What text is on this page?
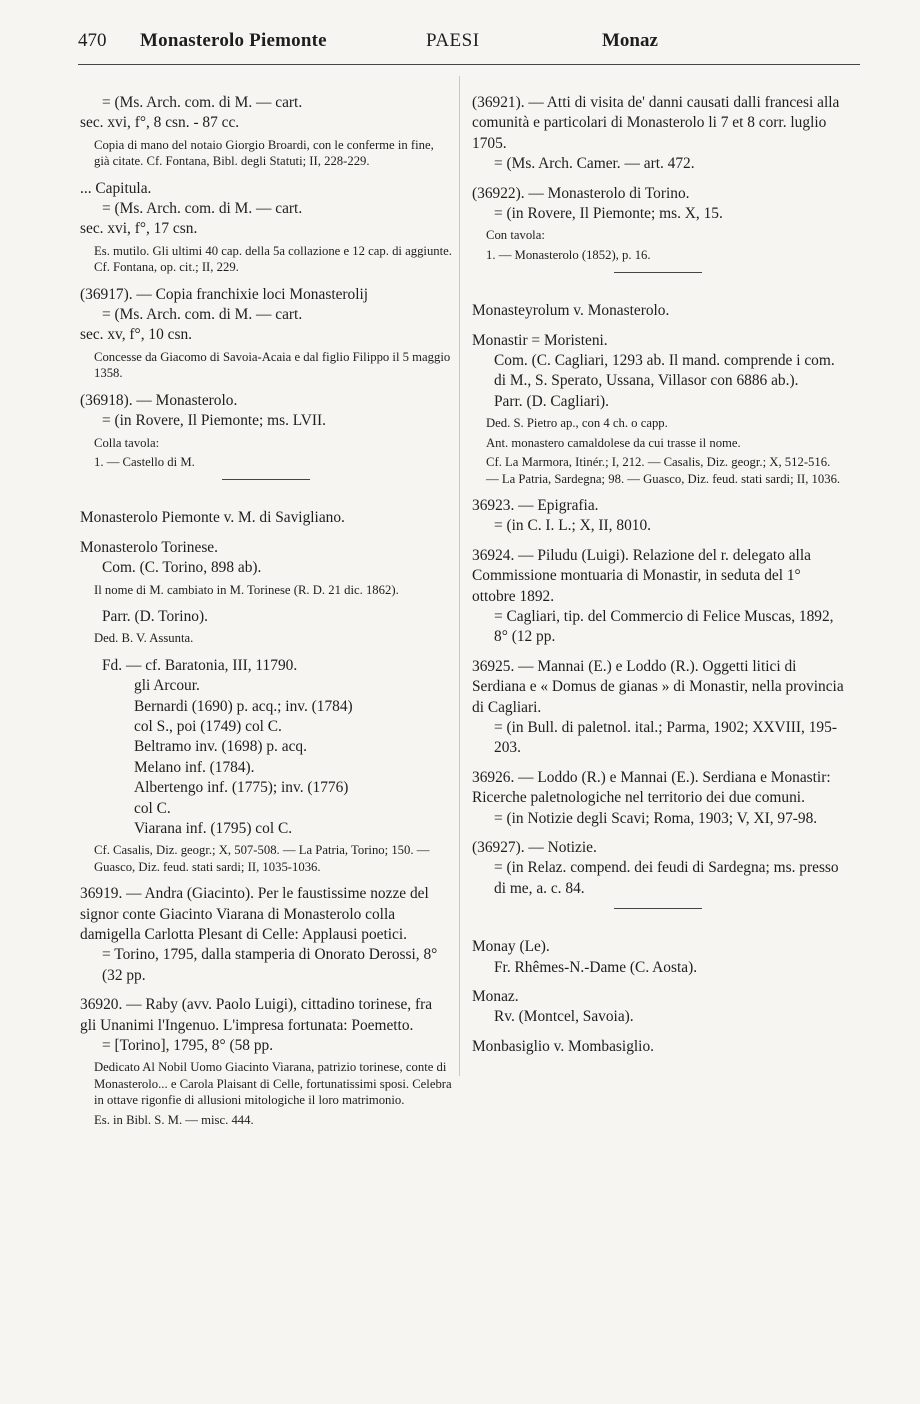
470 Monasterolo Piemonte	PAESI	Monaz
= (Ms. Arch. com. di M. — cart.
sec. xvi, f°, 8 csn. - 87 cc.
Copia di mano del notaio Giorgio Broardi, con le conferme in fine, già citate. Cf. Fontana, Bibl. degli Statuti; II, 228-229.
... Capitula.
= (Ms. Arch. com. di M. — cart.
sec. xvi, f°, 17 csn.
Es. mutilo. Gli ultimi 40 cap. della 5a collazione e 12 cap. di aggiunte. Cf. Fontana, op. cit.; II, 229.
(36917). — Copia franchixie loci Monasterolij
= (Ms. Arch. com. di M. — cart.
sec. xv, f°, 10 csn.
Concesse da Giacomo di Savoia-Acaia e dal figlio Filippo il 5 maggio 1358.
(36918). — Monasterolo.
= (in Rovere, Il Piemonte; ms. LVII.
Colla tavola:
1. — Castello di M.
Monasterolo Piemonte v. M. di Savigliano.
Monasterolo Torinese.
Com. (C. Torino, 898 ab).
Il nome di M. cambiato in M. Torinese (R. D. 21 dic. 1862).
Parr. (D. Torino).
Ded. B. V. Assunta.
Fd. — cf. Baratonia, III, 11790.
gli Arcour.
Bernardi (1690) p. acq.; inv. (1784)
col S., poi (1749) col C.
Beltramo inv. (1698) p. acq.
Melano inf. (1784).
Albertengo inf. (1775); inv. (1776)
col C.
Viarana inf. (1795) col C.
Cf. Casalis, Diz. geogr.; X, 507-508. — La Patria, Torino; 150. — Guasco, Diz. feud. stati sardi; II, 1035-1036.
36919. — Andra (Giacinto). Per le faustissime nozze del signor conte Giacinto Viarana di Monasterolo colla damigella Carlotta Plesant di Celle: Applausi poetici.
= Torino, 1795, dalla stamperia di Onorato Derossi, 8° (32 pp.
36920. — Raby (avv. Paolo Luigi), cittadino torinese, fra gli Unanimi l'Ingenuo. L'impresa fortunata: Poemetto.
= [Torino], 1795, 8° (58 pp.
Dedicato Al Nobil Uomo Giacinto Viarana, patrizio torinese, conte di Monasterolo... e Carola Plaisant di Celle, fortunatissimi sposi. Celebra in ottave rigonfie di allusioni mitologiche il loro matrimonio.
Es. in Bibl. S. M. — misc. 444.
(36921). — Atti di visita de' danni causati dalli francesi alla comunità e particolari di Monasterolo li 7 et 8 corr. luglio 1705.
= (Ms. Arch. Camer. — art. 472.
(36922). — Monasterolo di Torino.
= (in Rovere, Il Piemonte; ms. X, 15.
Con tavola:
1. — Monasterolo (1852), p. 16.
Monasteyrolum v. Monasterolo.
Monastir = Moristeni.
Com. (C. Cagliari, 1293 ab. Il mand. comprende i com. di M., S. Sperato, Ussana, Villasor con 6886 ab.).
Parr. (D. Cagliari).
Ded. S. Pietro ap., con 4 ch. o capp.
Ant. monastero camaldolese da cui trasse il nome.
Cf. La Marmora, Itinér.; I, 212. — Casalis, Diz. geogr.; X, 512-516. — La Patria, Sardegna; 98. — Guasco, Diz. feud. stati sardi; II, 1036.
36923. — Epigrafia.
= (in C. I. L.; X, II, 8010.
36924. — Piludu (Luigi). Relazione del r. delegato alla Commissione montuaria di Monastir, in seduta del 1° ottobre 1892.
= Cagliari, tip. del Commercio di Felice Muscas, 1892, 8° (12 pp.
36925. — Mannai (E.) e Loddo (R.). Oggetti litici di Serdiana e « Domus de gianas » di Monastir, nella provincia di Cagliari.
= (in Bull. di paletnol. ital.; Parma, 1902; XXVIII, 195-203.
36926. — Loddo (R.) e Mannai (E.). Serdiana e Monastir: Ricerche paletnologiche nel territorio dei due comuni.
= (in Notizie degli Scavi; Roma, 1903; V, XI, 97-98.
(36927). — Notizie.
= (in Relaz. compend. dei feudi di Sardegna; ms. presso di me, a. c. 84.
Monay (Le).
Fr. Rhêmes-N.-Dame (C. Aosta).
Monaz.
Rv. (Montcel, Savoia).
Monbasiglio v. Mombasiglio.
